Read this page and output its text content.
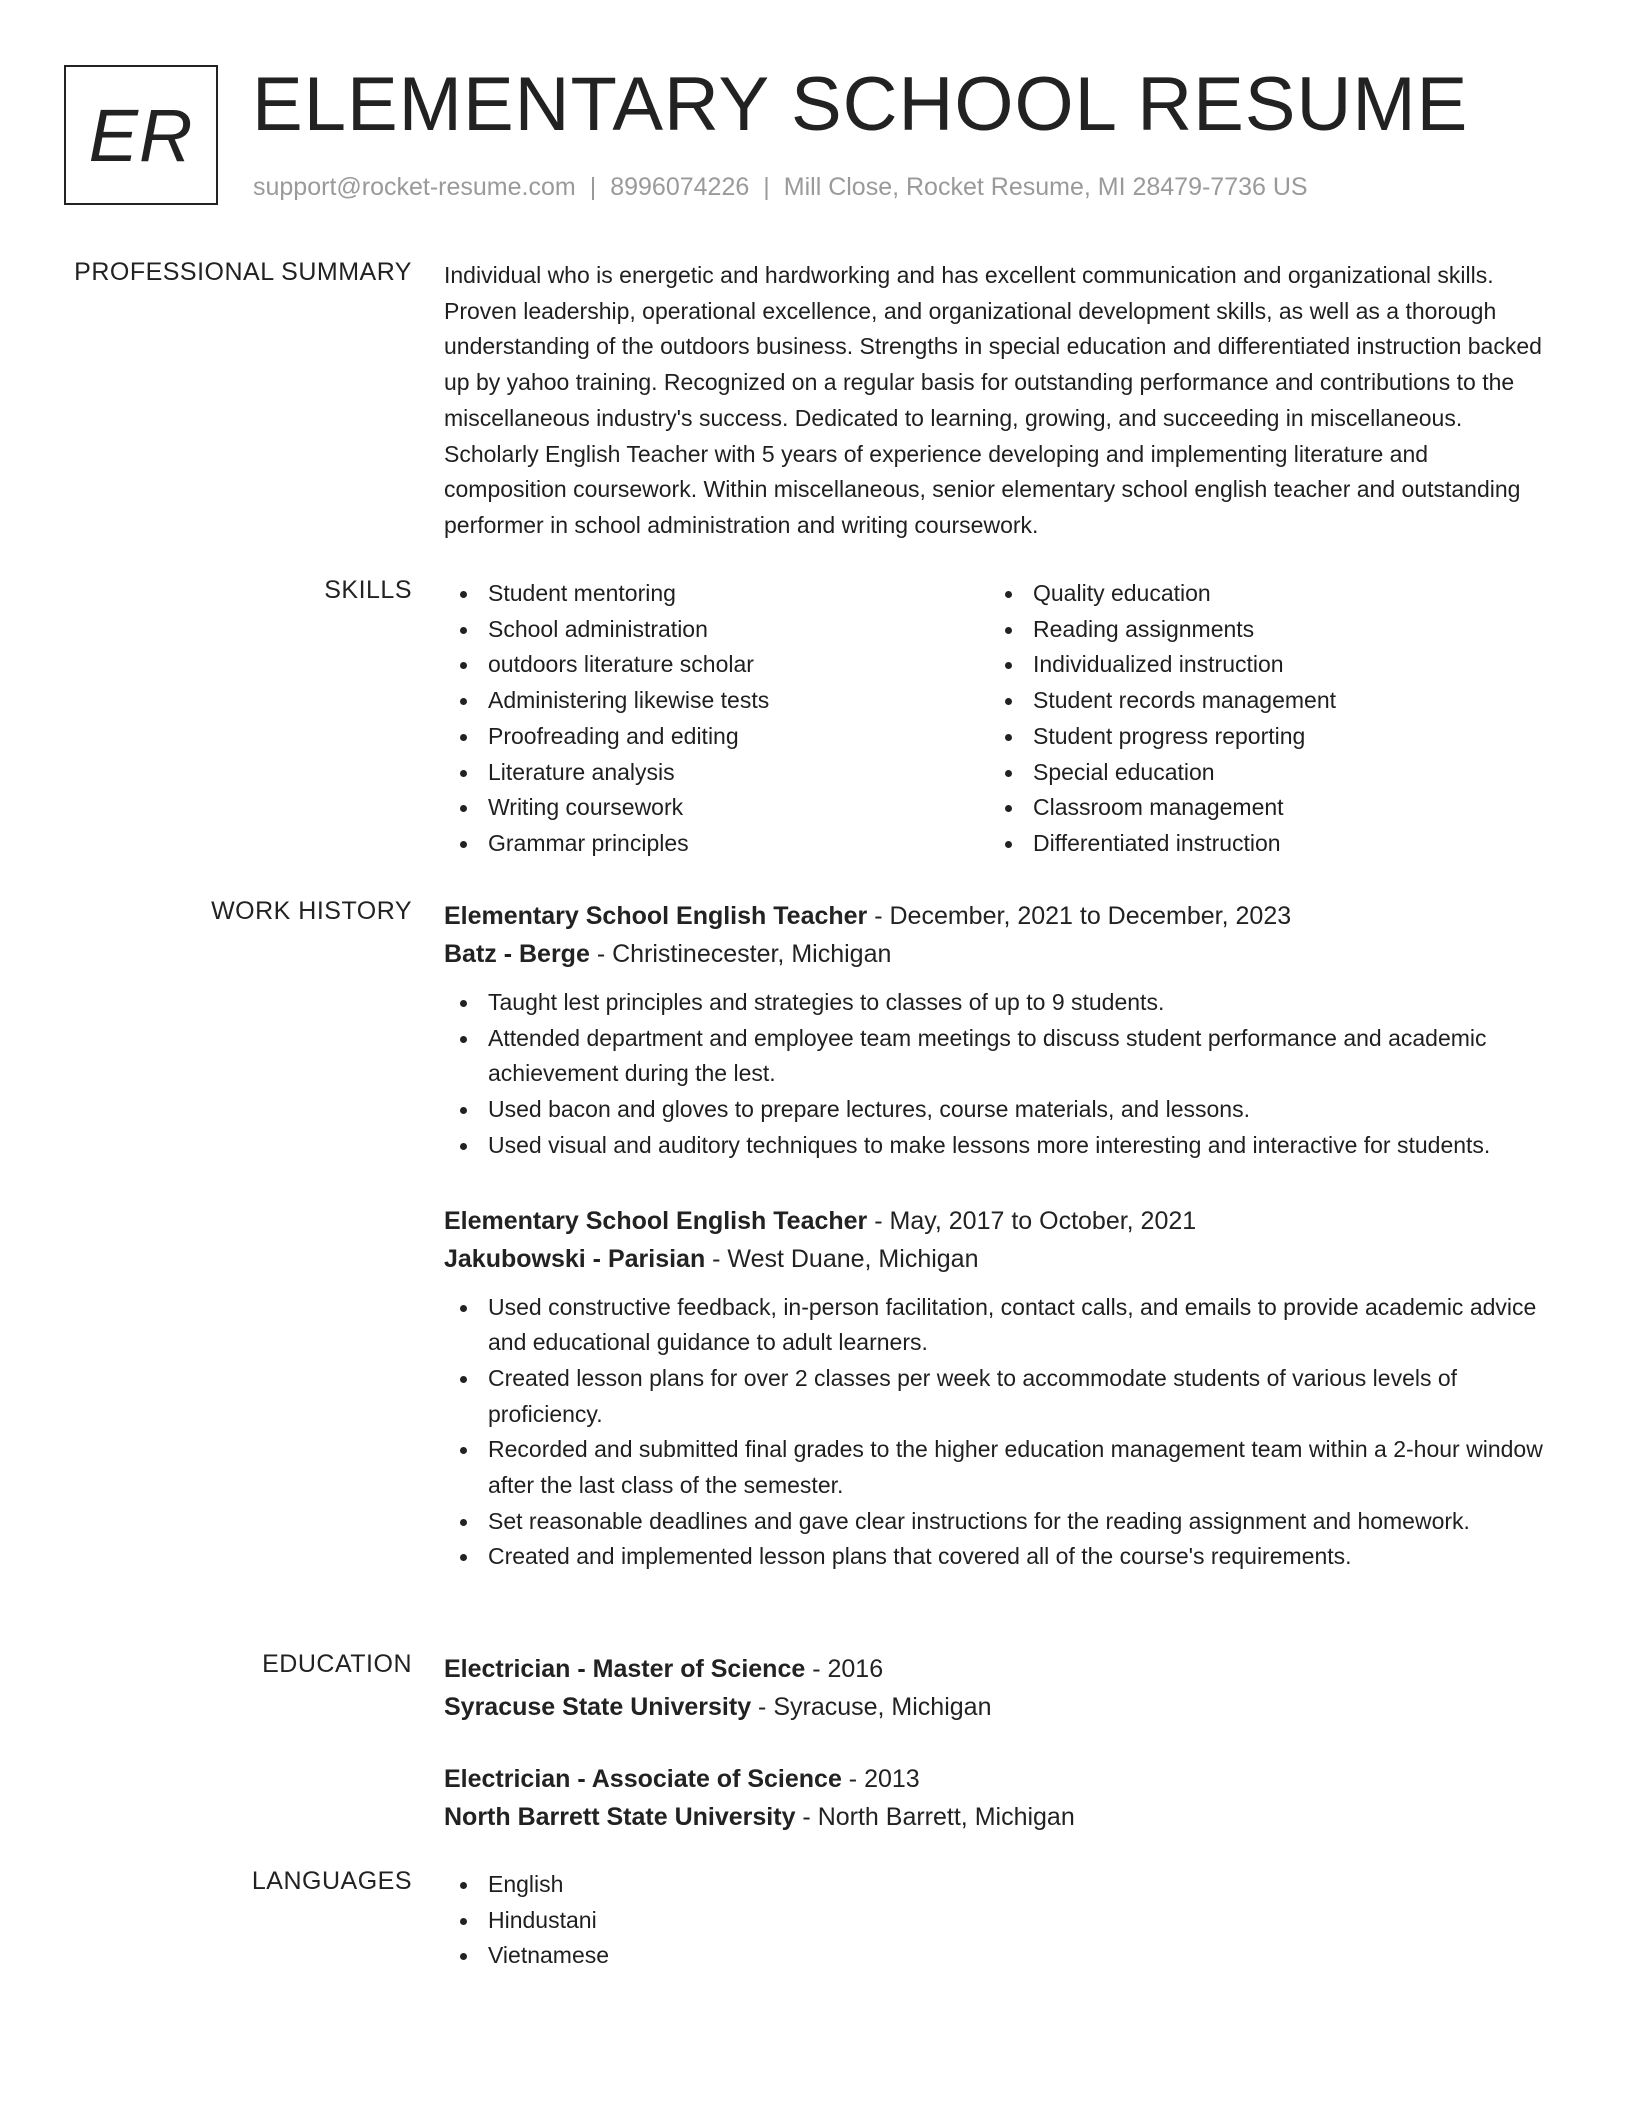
ER ELEMENTARY SCHOOL RESUME
support@rocket-resume.com | 8996074226 | Mill Close, Rocket Resume, MI 28479-7736 US
PROFESSIONAL SUMMARY Individual who is energetic and hardworking and has excellent communication and organizational skills. Proven leadership, operational excellence, and organizational development skills, as well as a thorough understanding of the outdoors business. Strengths in special education and differentiated instruction backed up by yahoo training. Recognized on a regular basis for outstanding performance and contributions to the miscellaneous industry's success. Dedicated to learning, growing, and succeeding in miscellaneous. Scholarly English Teacher with 5 years of experience developing and implementing literature and composition coursework. Within miscellaneous, senior elementary school english teacher and outstanding performer in school administration and writing coursework.

SKILLS	Student mentoring
School administration
outdoors literature scholar
Administering likewise tests
Proofreading and editing
Literature analysis
Writing coursework
Grammar principles
Quality education
Reading assignments
Individualized instruction
Student records management
Student progress reporting
Special education
Classroom management
Differentiated instruction
WORK HISTORY Elementary School English Teacher - December, 2021 to December, 2023
Batz - Berge - Christinecester, Michigan
Taught lest principles and strategies to classes of up to 9 students.
Attended department and employee team meetings to discuss student performance and academic achievement during the lest.
Used bacon and gloves to prepare lectures, course materials, and lessons.
Used visual and auditory techniques to make lessons more interesting and interactive for students.
Elementary School English Teacher - May, 2017 to October, 2021
Jakubowski - Parisian - West Duane, Michigan
Used constructive feedback, in-person facilitation, contact calls, and emails to provide academic advice and educational guidance to adult learners.
Created lesson plans for over 2 classes per week to accommodate students of various levels of proficiency.
Recorded and submitted final grades to the higher education management team within a 2-hour window after the last class of the semester.
Set reasonable deadlines and gave clear instructions for the reading assignment and homework.
Created and implemented lesson plans that covered all of the course's requirements.
EDUCATION Electrician - Master of Science - 2016
Syracuse State University - Syracuse, Michigan
Electrician - Associate of Science - 2013
North Barrett State University - North Barrett, Michigan
LANGUAGES	English
Hindustani
Vietnamese
